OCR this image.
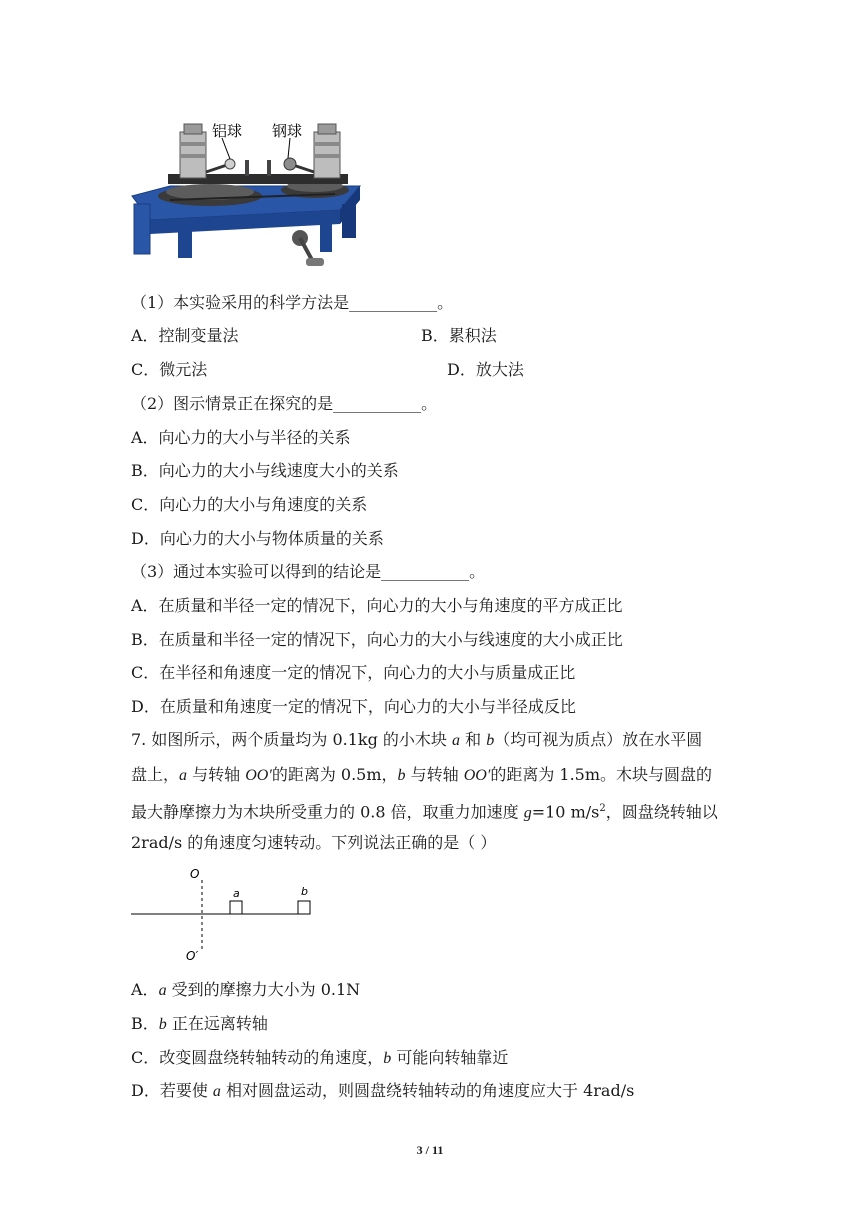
铝球 钢球
（1）本实验采用的科学方法是___________。
A．控制变量法	B．累积法
C．微元法	D．放大法
（2）图示情景正在探究的是___________。
A．向心力的大小与半径的关系
B．向心力的大小与线速度大小的关系
C．向心力的大小与角速度的关系
D．向心力的大小与物体质量的关系
（3）通过本实验可以得到的结论是___________。
A．在质量和半径一定的情况下，向心力的大小与角速度的平方成正比
B．在质量和半径一定的情况下，向心力的大小与线速度的大小成正比
C．在半径和角速度一定的情况下，向心力的大小与质量成正比
D．在质量和角速度一定的情况下，向心力的大小与半径成反比
7. 如图所示，两个质量均为 0.1kg 的小木块 a 和 b（均可视为质点）放在水平圆
盘上，a 与转轴 OO′的距离为 0.5m，b 与转轴 OO′的距离为 1.5m。木块与圆盘的
最大静摩擦力为木块所受重力的 0.8 倍，取重力加速度 g=10 $m/s^2$，圆盘绕转轴以
2rad/s 的角速度匀速转动。下列说法正确的是（ ）
O
O′
a	b
A．a 受到的摩擦力大小为 0.1N
B．b 正在远离转轴
C．改变圆盘绕转轴转动的角速度，b 可能向转轴靠近
D．若要使 a 相对圆盘运动，则圆盘绕转轴转动的角速度应大于 4rad/s
3 / 11
